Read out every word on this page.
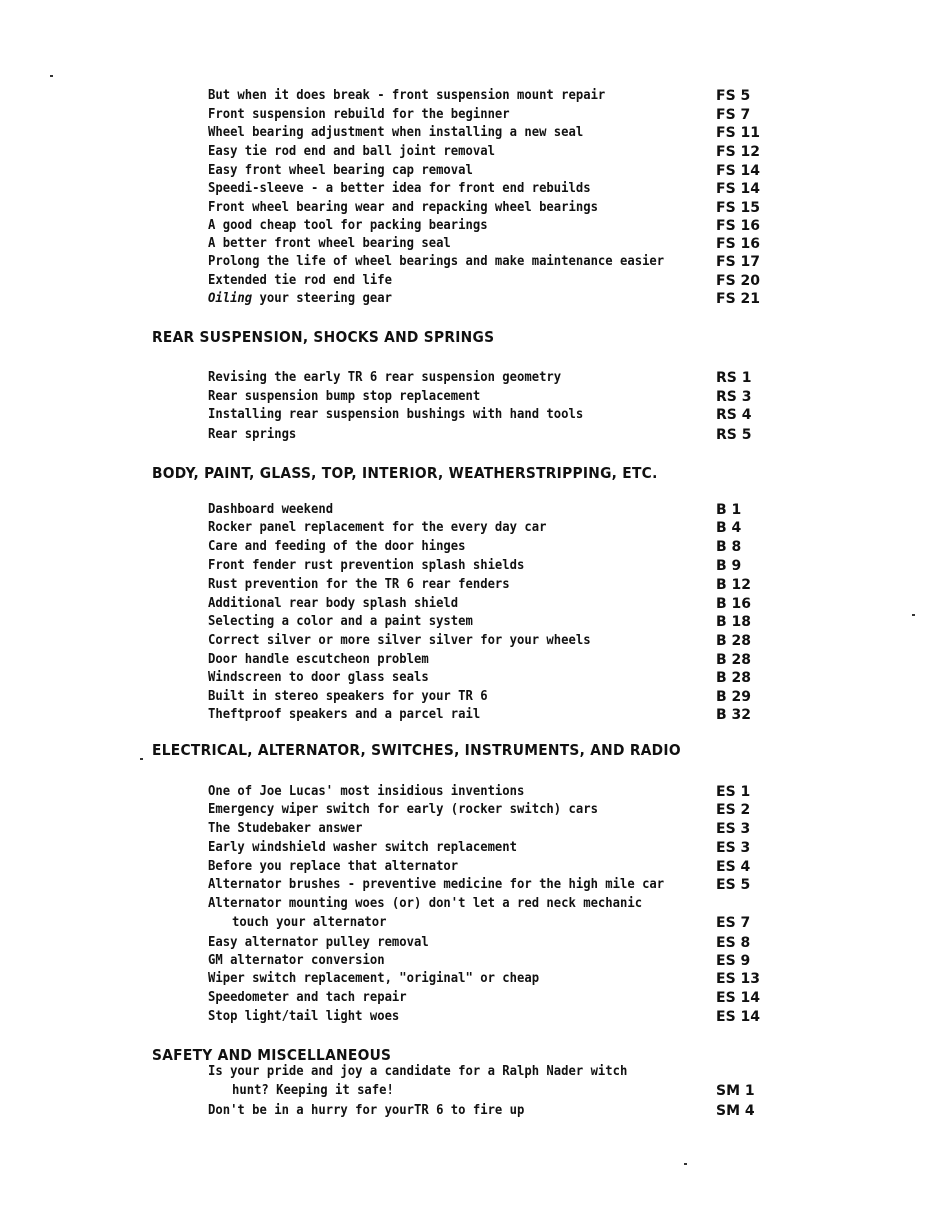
But when it does break - front suspension mount repair	FS 5
Front suspension rebuild for the beginner	FS 7
Wheel bearing adjustment when installing a new seal	FS 11
Easy tie rod end and ball joint removal	FS 12
Easy front wheel bearing cap removal	FS 14
Speedi-sleeve - a better idea for front end rebuilds	FS 14
Front wheel bearing wear and repacking wheel bearings	FS 15
A good cheap tool for packing bearings	FS 16
A better front wheel bearing seal	FS 16
Prolong the life of wheel bearings and make maintenance easier	FS 17
Extended tie rod end life	FS 20
Oiling your steering gear	FS 21
REAR SUSPENSION, SHOCKS AND SPRINGS
Revising the early TR 6 rear suspension geometry	RS 1
Rear suspension bump stop replacement	RS 3
Installing rear suspension bushings with hand tools	RS 4
Rear springs	RS 5
BODY, PAINT, GLASS, TOP, INTERIOR, WEATHERSTRIPPING, ETC.
Dashboard weekend	B 1
Rocker panel replacement for the every day car	B 4
Care and feeding of the door hinges	B 8
Front fender rust prevention splash shields	B 9
Rust prevention for the TR 6 rear fenders	B 12
Additional rear body splash shield	B 16
Selecting a color and a paint system	B 18
Correct silver or more silver silver for your wheels	B 28
Door handle escutcheon problem	B 28
Windscreen to door glass seals	B 28
Built in stereo speakers for your TR 6	B 29
Theftproof speakers and a parcel rail	B 32
ELECTRICAL, ALTERNATOR, SWITCHES, INSTRUMENTS, AND RADIO
One of Joe Lucas' most insidious inventions	ES 1
Emergency wiper switch for early (rocker switch) cars	ES 2
The Studebaker answer	ES 3
Early windshield washer switch replacement	ES 3
Before you replace that alternator	ES 4
Alternator brushes - preventive medicine for the high mile car	ES 5
Alternator mounting woes (or) don't let a red neck mechanic
touch your alternator	ES 7
Easy alternator pulley removal	ES 8
GM alternator conversion	ES 9
Wiper switch replacement, "original" or cheap	ES 13
Speedometer and tach repair	ES 14
Stop light/tail light woes	ES 14
SAFETY AND MISCELLANEOUS
Is your pride and joy a candidate for a Ralph Nader witch
hunt? Keeping it safe!	SM 1
Don't be in a hurry for yourTR 6 to fire up	SM 4
